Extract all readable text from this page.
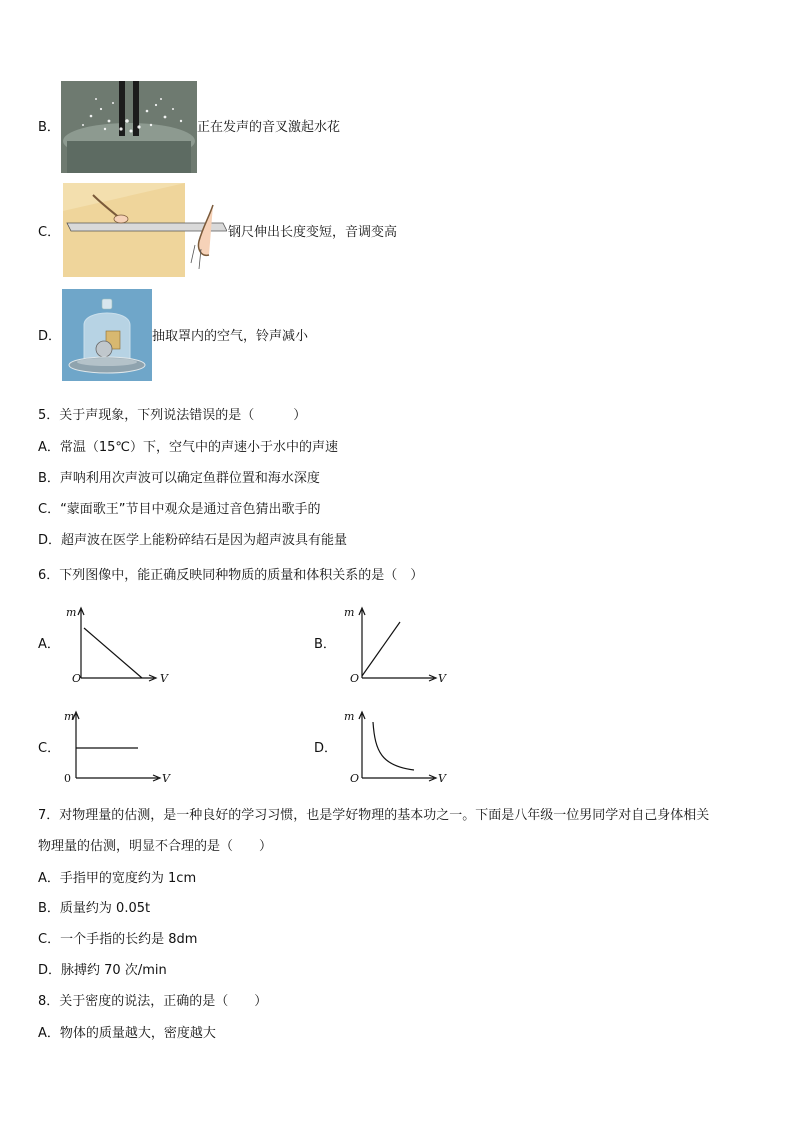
B．	正在发声的音叉激起水花
C．	钢尺伸出长度变短，音调变高
D．	抽取罩内的空气，铃声减小
5．关于声现象，下列说法错误的是（　　　）
A．常温（15℃）下，空气中的声速小于水中的声速
B．声呐利用次声波可以确定鱼群位置和海水深度
C．“蒙面歌王”节目中观众是通过音色猜出歌手的
D．超声波在医学上能粉碎结石是因为超声波具有能量
6．下列图像中，能正确反映同种物质的质量和体积关系的是（　）
A．
m
O	V
B．
m
O	V
C．
m
0	V
D．
m
O	V
7．对物理量的估测，是一种良好的学习习惯，也是学好物理的基本功之一。下面是八年级一位男同学对自己身体相关
物理量的估测，明显不合理的是（　　）
A．手指甲的宽度约为 1cm
B．质量约为 0.05t
C．一个手指的长约是 8dm
D．脉搏约 70 次/min
8．关于密度的说法，正确的是（　　）
A．物体的质量越大，密度越大
